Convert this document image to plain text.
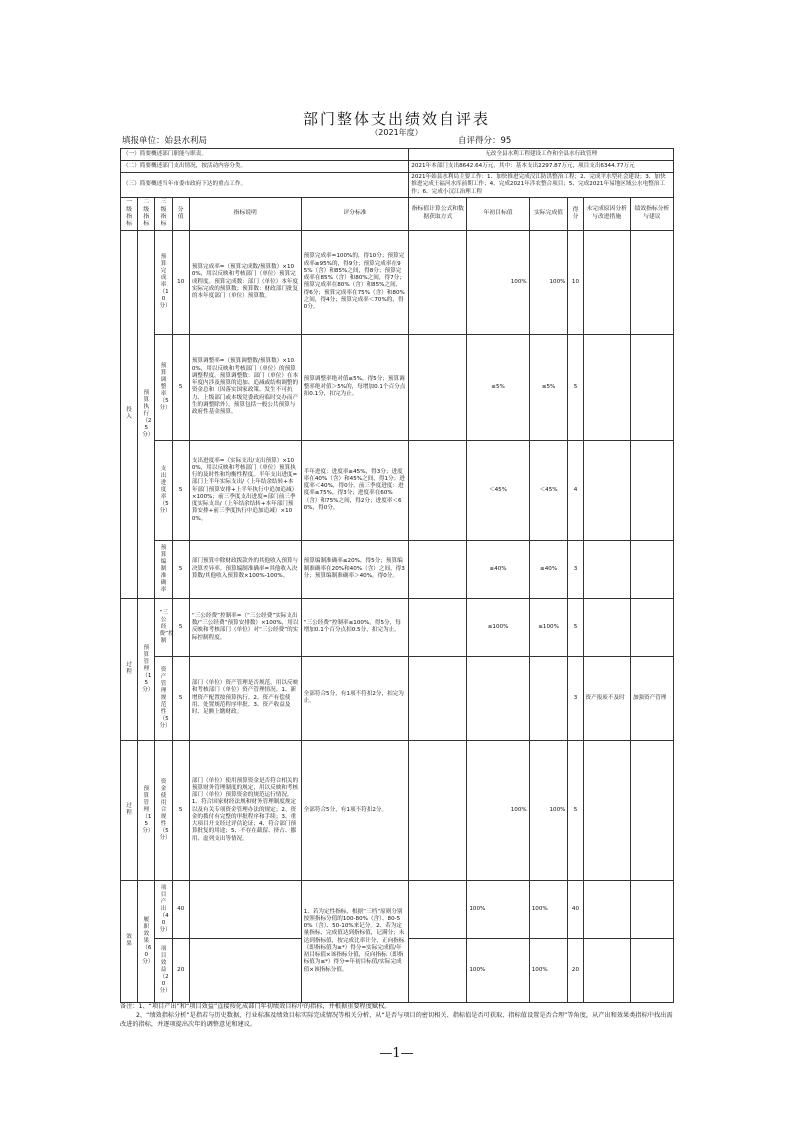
部门整体支出绩效自评表
（2021年度）
填报单位：始县水利局	自评得分：95
（一）简要概述部门职能与职责。						无改全县水利工程建设工作和全县水行政管理					
（二）简要概述部门支出情况，按活动内容分类。						2021年本部门支出8642.64万元，其中：基本支出2297.87万元，项目支出6344.77万元					
（三）简要概述当年市委市政府下达的重点工作。						2021年始县水利局主要工作：1、加快推进完成汉江防洪整治工程；2、完成平水型社会建设；3、加快推进完成王福河水库前期工作；4、完成2021年涉农整合项目；5、完成2021年易地区域公水电整治工作；6、完成小汉江治理工程					

一级指标	二级指标	三级指标	分值	指标说明	评分标准	指标值计算公式和数据获取方式	年初目标值	实际完成值	得分	未完成原因分析与改进措施	绩效指标分析与建议

投入	预算执行（25分）	预算完成率（10分）	10	预算完成率=（预算完成数/预算数）×100%，用以反映和考核部门（单位）预算完成程度。预算完成数：部门（单位）本年度实际完成的预算数；预算数：财政部门批复的本年度部门（单位）预算数。	预算完成率=100%的，得10分；预算完成率≥95%的，得9分；预算完成率在95%（含）和85%之间，得8分；预算完成率在85%（含）和80%之间，得7分；预算完成率在80%（含）和85%之间，得6分；预算完成率在75%（含）和80%之间，得4分；预算完成率＜70%的，得0分。		100%	100%	10		

		预算调整率（5分）	5	预算调整率=（预算调整数/预算数）×100%，用以反映和考核部门（单位）的预算调整程度。预算调整数：部门（单位）在本年度内涉及预算的追加、追减或结构调整的资金总和（因落实国家政策、发生不可抗力、上级部门或本级党委政府临时交办而产生的调整除外）。预算包括一般公共预算与政府性基金预算。	预算调整率绝对值≤5%，得5分；预算调整率绝对值＞5%的，每增加0.1个百分点扣0.1分，扣完为止。		≤5%	≤5%	5		

		支出进度率（5分）	5	支出进度率=（实际支出/支出预算）×100%，用以反映和考核部门（单位）预算执行的及时性和均衡性程度。半年支出进度=部门上半年实际支出/（上年结余结转+本年部门预算安排+上半年执行中追加追减）×100%；前三季度支出进度=部门前三季度实际支出/（上年结余结转+本年部门预算安排+前三季度执行中追加追减）×100%。	半年进度：进度率≥45%，得3分；进度率在40%（含）和45%之间，得1分；进度率＜40%，得0分。前三季度进度：进度率≥75%，得3分；进度率在60%（含）和75%之间，得2分；进度率＜60%，得0分。		＜45%	＜45%	4		

		预算编制准确率	5	部门预算中除财政拨款外的其他收入预算与决算差异率。预算编制准确率=其他收入决算数/其他收入预算数×100%-100%。	预算编制准确率≤20%，得5分；预算编制准确率在20%和40%（含）之间，得3分；预算编制准确率＞40%，得0分。		≤40%	≤40%	3		

过程	预算管理（15分）	“三公经费”控制	5	“三公经费”控制率=（“三公经费”实际支出数/“三公经费”预算安排数）×100%，用以反映和考核部门（单位）对“三公经费”的实际控制程度。	“三公经费”控制率≤100%，得5分，每增加0.1个百分点扣0.5分，扣完为止。		≤100%	≤100%	5		

		资产管理规范性（5分）	5	部门（单位）资产管理是否规范，用以反映和考核部门（单位）资产管理情况。1、新增资产配置按预算执行。2、资产有偿使用、处置规范程序审批。3、资产收益及时、足额上缴财政。	全部符合5分，有1项不符扣2分，扣完为止。				3	资产报废不及时	加强资产管理

过程	预算管理（15分）	资金使用合规性（5分）	5	部门（单位）使用预算资金是否符合相关的预算财务管理制度的规定，用以反映和考核部门（单位）预算资金的规范运行情况。1、符合国家财经法规和财务管理制度规定以及有关专项资金管理办法的规定；2、资金的拨付有完整的审批程序和手续；3、重大项目开支经过评估论证；4、符合部门预算批复的用途；5、不存在截留、挤占、挪用、虚列支出等情况。	全部符合5分，有1项不符扣2分。		100%	100%	5		

效果	履职效果（60分）	项目产出（40分）	40		1、若为定性指标，根据“三档”原则分别按照指标分值的100-80%（含）、80-50%（含）、50-10%来记分。2、若为定量指标，完成值达到指标值，记满分；未达到指标值，按完成比率计分，正向指标（即指标值为≥*）得分=实际完成值/年初目标值×该指标分值，反向指标（即指标值为≤*）得分=年初目标值/实际完成值×该指标分值。		100%	100%	40		

		项目效益（20分）	20				100%	100%	20		

备注：1、“项目产出”和“项目效益”直接按化成部门年初绩效目标中的指标，并根据重要程度赋权。

2、“绩效指标分析”是指若与历史数据，行业标准及绩效目标实际完成情况等相关分析，从“是否与项目的密切相关、指标值是否可获取、指标值设置是否合理”等角度，从产出和效果类指标中找出需改进的指标，并逐项提出次年的调整意见和建议。

—1—
